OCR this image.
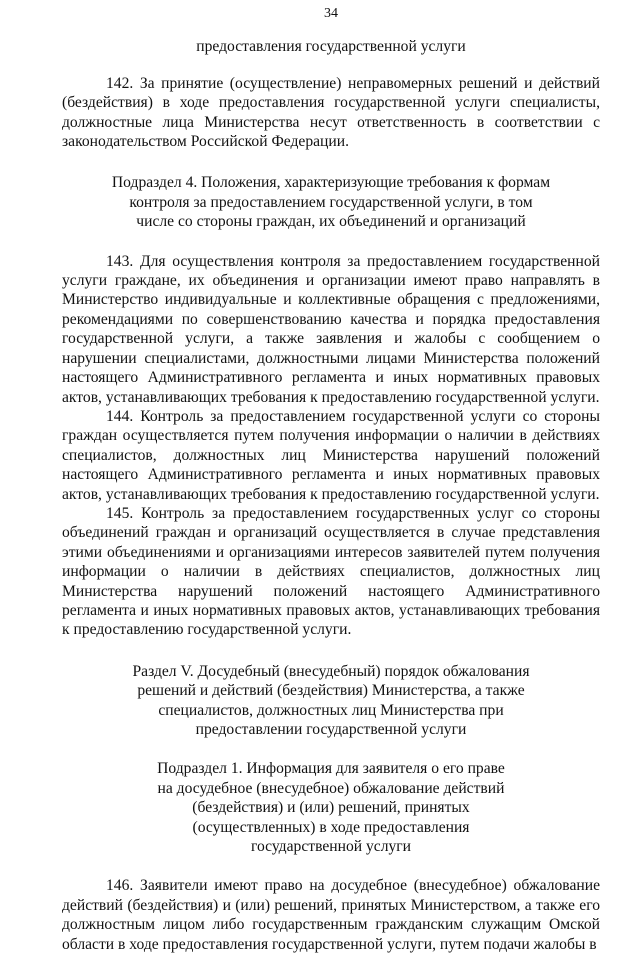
34

предоставления государственной услуги

142. За принятие (осуществление) неправомерных решений и действий (бездействия) в ходе предоставления государственной услуги специалисты, должностные лица Министерства несут ответственность в соответствии с законодательством Российской Федерации.

Подраздел 4. Положения, характеризующие требования к формам
контроля за предоставлением государственной услуги, в том
числе со стороны граждан, их объединений и организаций

143. Для осуществления контроля за предоставлением государственной услуги граждане, их объединения и организации имеют право направлять в Министерство индивидуальные и коллективные обращения с предложениями, рекомендациями по совершенствованию качества и порядка предоставления государственной услуги, а также заявления и жалобы с сообщением о нарушении специалистами, должностными лицами Министерства положений настоящего Административного регламента и иных нормативных правовых актов, устанавливающих требования к предоставлению государственной услуги.

144. Контроль за предоставлением государственной услуги со стороны граждан осуществляется путем получения информации о наличии в действиях специалистов, должностных лиц Министерства нарушений положений настоящего Административного регламента и иных нормативных правовых актов, устанавливающих требования к предоставлению государственной услуги.

145. Контроль за предоставлением государственных услуг со стороны объединений граждан и организаций осуществляется в случае представления этими объединениями и организациями интересов заявителей путем получения информации о наличии в действиях специалистов, должностных лиц Министерства нарушений положений настоящего Административного регламента и иных нормативных правовых актов, устанавливающих требования к предоставлению государственной услуги.

Раздел V. Досудебный (внесудебный) порядок обжалования
решений и действий (бездействия) Министерства, а также
специалистов, должностных лиц Министерства при
предоставлении государственной услуги
Подраздел 1. Информация для заявителя о его праве
на досудебное (внесудебное) обжалование действий
(бездействия) и (или) решений, принятых
(осуществленных) в ходе предоставления
государственной услуги

146. Заявители имеют право на досудебное (внесудебное) обжалование действий (бездействия) и (или) решений, принятых Министерством, а также его должностным лицом либо государственным гражданским служащим Омской области в ходе предоставления государственной услуги, путем подачи жалобы в
